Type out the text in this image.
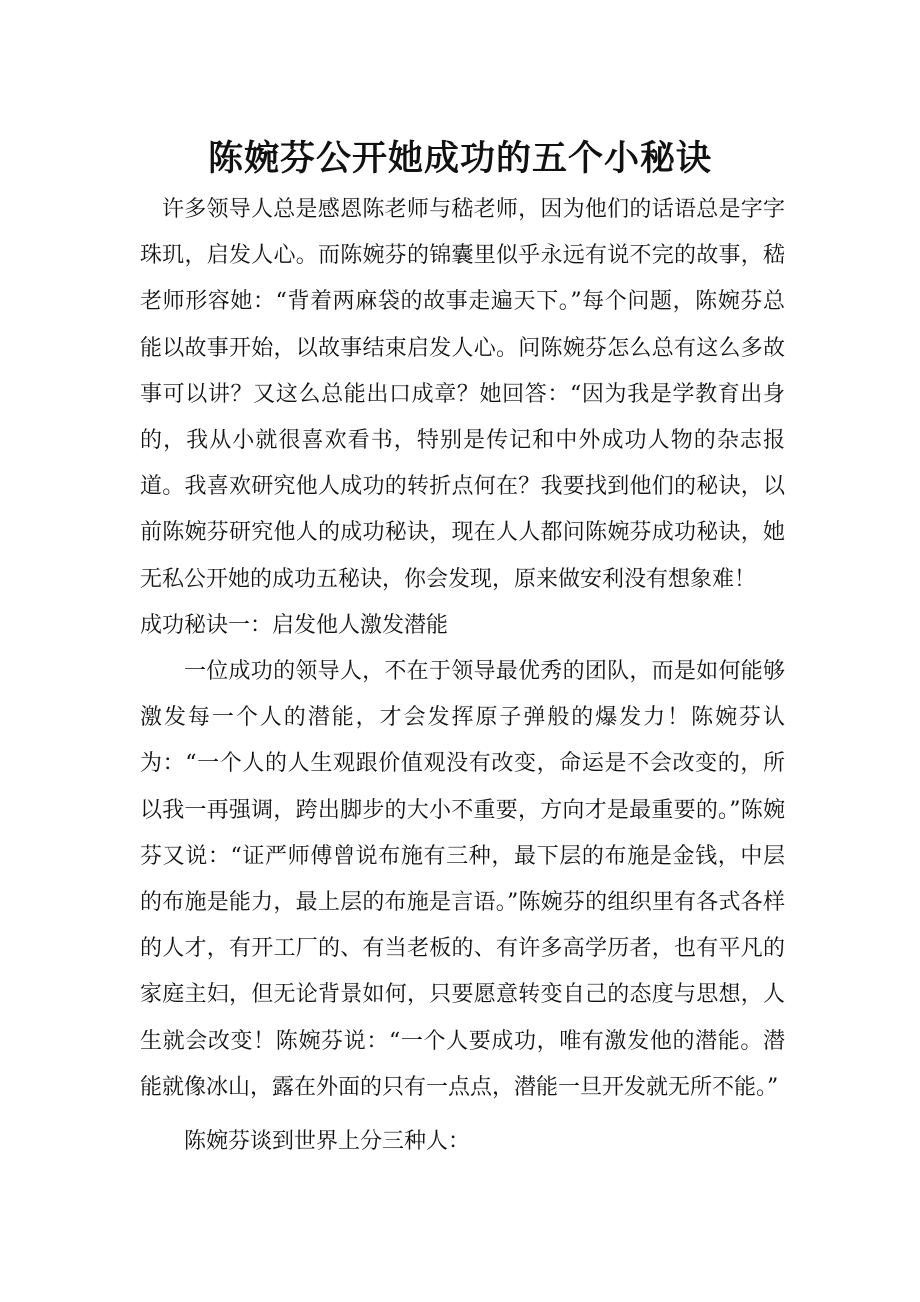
陈婉芬公开她成功的五个小秘诀

许多领导人总是感恩陈老师与嵇老师，因为他们的话语总是字字珠玑，启发人心。而陈婉芬的锦囊里似乎永远有说不完的故事，嵇老师形容她：“背着两麻袋的故事走遍天下。”每个问题，陈婉芬总能以故事开始，以故事结束启发人心。问陈婉芬怎么总有这么多故事可以讲？又这么总能出口成章？她回答：“因为我是学教育出身的，我从小就很喜欢看书，特别是传记和中外成功人物的杂志报道。我喜欢研究他人成功的转折点何在？我要找到他们的秘诀，以前陈婉芬研究他人的成功秘诀，现在人人都问陈婉芬成功秘诀，她无私公开她的成功五秘诀，你会发现，原来做安利没有想象难！

成功秘诀一：启发他人激发潜能

一位成功的领导人，不在于领导最优秀的团队，而是如何能够激发每一个人的潜能，才会发挥原子弹般的爆发力！陈婉芬认为：“一个人的人生观跟价值观没有改变，命运是不会改变的，所以我一再强调，跨出脚步的大小不重要，方向才是最重要的。”陈婉芬又说：“证严师傅曾说布施有三种，最下层的布施是金钱，中层的布施是能力，最上层的布施是言语。”陈婉芬的组织里有各式各样的人才，有开工厂的、有当老板的、有许多高学历者，也有平凡的家庭主妇，但无论背景如何，只要愿意转变自己的态度与思想，人生就会改变！陈婉芬说：“一个人要成功，唯有激发他的潜能。潜能就像冰山，露在外面的只有一点点，潜能一旦开发就无所不能。”

陈婉芬谈到世界上分三种人：
